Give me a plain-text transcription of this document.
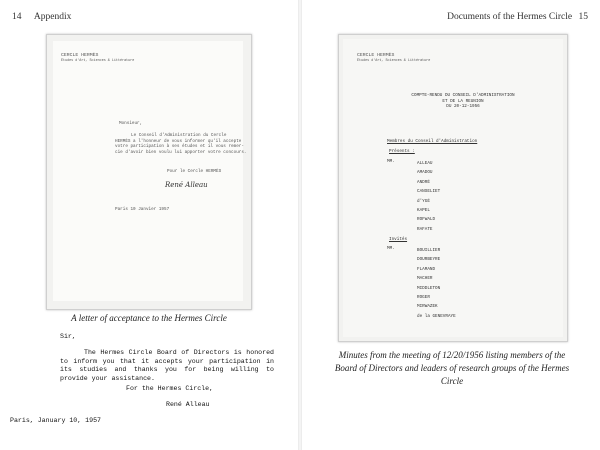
14 Appendix
CERCLE HERMÈS
Études d'Art, Sciences & Littérature
Monsieur,
Le Conseil d'Administration du Cercle
HERMÈS a l'honneur de vous informer qu'il accepte
votre participation à ses études et il vous remer-
cie d'avoir bien voulu lui apporter votre concours.
Pour le Cercle HERMÈS
René Alleau
Paris 10 Janvier 1957
A letter of acceptance to the Hermes Circle
Sir,
The Hermes Circle Board of Directors is honored to inform you that it accepts your participation in its studies and thanks you for being willing to provide your assistance.
For the Hermes Circle,
René Alleau
Paris, January 10, 1957
Documents of the Hermes Circle 15
CERCLE HERMÈS
Études d'Art, Sciences & Littérature
COMPTE-RENDU DU CONSEIL D'ADMINISTRATION
ET DE LA REUNION
DU 20-12-1956
Membres du Conseil d'Administration
Présents :
MM.	ALLEAU
AMADOU
ANDRÉ
CANSELIET
d'YGÉ
KAPEL
ROFWALD
RAFATE
Invités
MM.	BOUILLIER
DOURBEYRE
FLAMAND
MACHER
MIDDLETON
ROGER
MIRWAZEK
de la GENEVRAYE
Minutes from the meeting of 12/20/1956 listing members of the Board of Directors and leaders of research groups of the Hermes Circle
